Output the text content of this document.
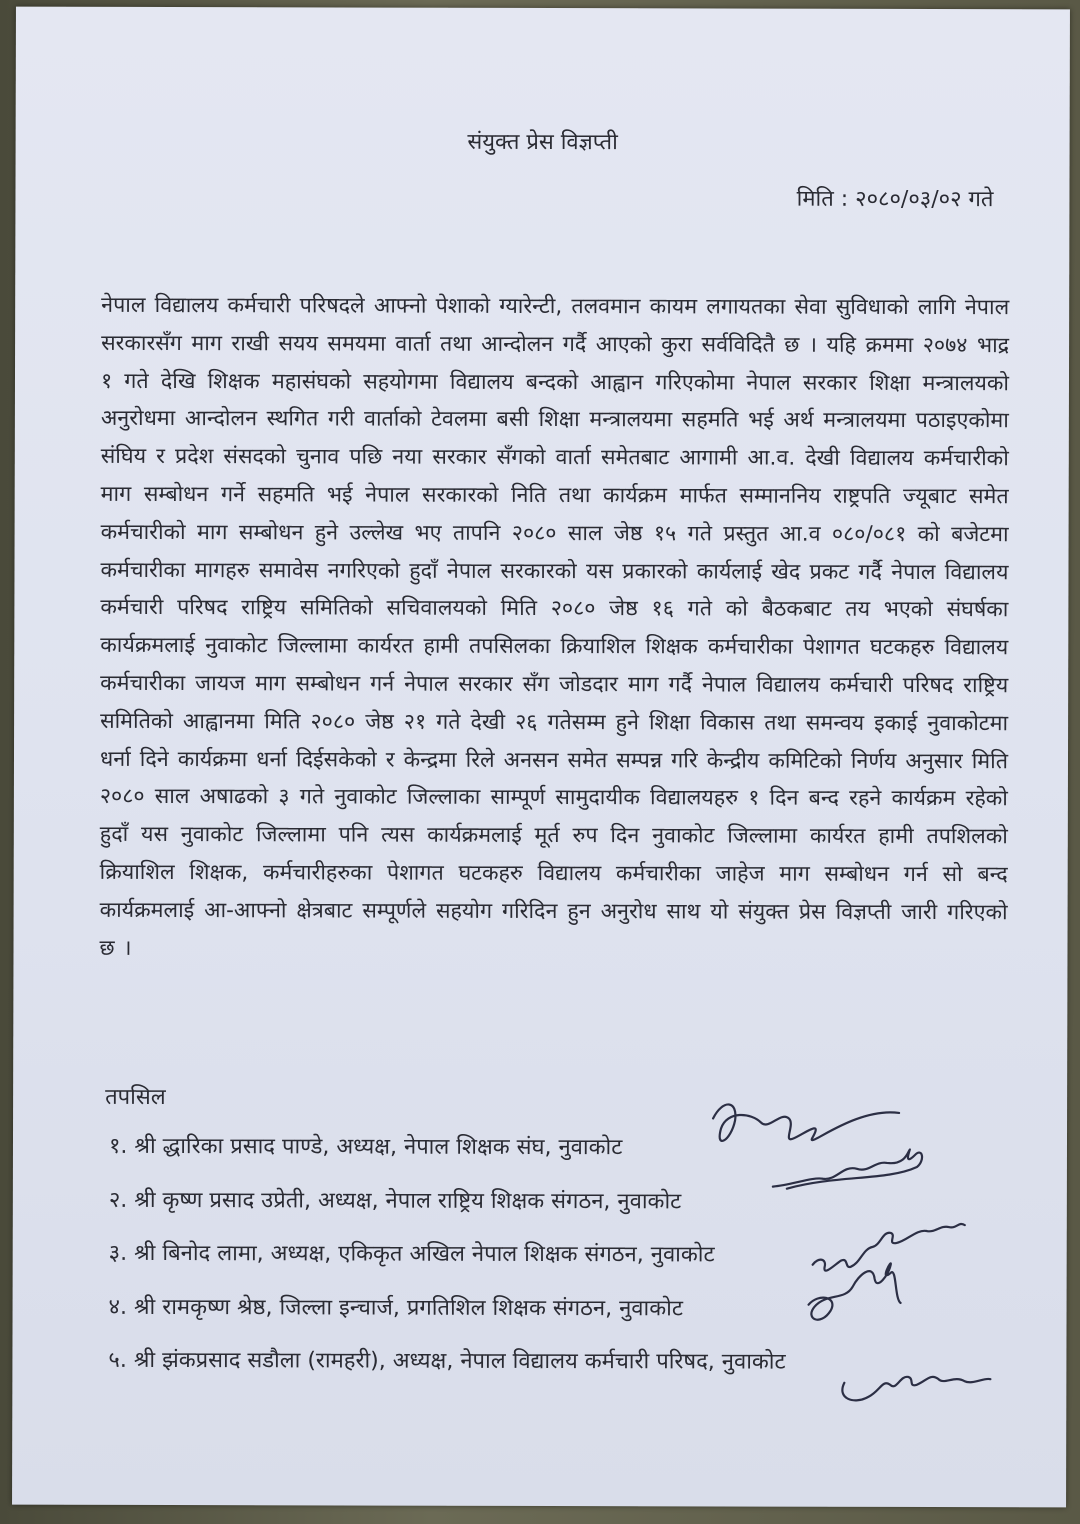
संयुक्त प्रेस विज्ञप्ती
मिति : २०८०/०३/०२ गते
नेपाल विद्यालय कर्मचारी परिषदले आफ्नो पेशाको ग्यारेन्टी, तलवमान कायम लगायतका सेवा सुविधाको लागि नेपाल सरकारसँग माग राखी सयय समयमा वार्ता तथा आन्दोलन गर्दै आएको कुरा सर्वविदितै छ । यहि क्रममा २०७४ भाद्र १ गते देखि शिक्षक महासंघको सहयोगमा विद्यालय बन्दको आह्वान गरिएकोमा नेपाल सरकार शिक्षा मन्त्रालयको अनुरोधमा आन्दोलन स्थगित गरी वार्ताको टेवलमा बसी शिक्षा मन्त्रालयमा सहमति भई अर्थ मन्त्रालयमा पठाइएकोमा संघिय र प्रदेश संसदको चुनाव पछि नया सरकार सँगको वार्ता समेतबाट आगामी आ.व. देखी विद्यालय कर्मचारीको माग सम्बोधन गर्ने सहमति भई नेपाल सरकारको निति तथा कार्यक्रम मार्फत सम्माननिय राष्ट्रपति ज्यूबाट समेत कर्मचारीको माग सम्बोधन हुने उल्लेख भए तापनि २०८० साल जेष्ठ १५ गते प्रस्तुत आ.व ०८०/०८१ को बजेटमा कर्मचारीका मागहरु समावेस नगरिएको हुदाँ नेपाल सरकारको यस प्रकारको कार्यलाई खेद प्रकट गर्दै नेपाल विद्यालय कर्मचारी परिषद राष्ट्रिय समितिको सचिवालयको मिति २०८० जेष्ठ १६ गते को बैठकबाट तय भएको संघर्षका कार्यक्रमलाई नुवाकोट जिल्लामा कार्यरत हामी तपसिलका क्रियाशिल शिक्षक कर्मचारीका पेशागत घटकहरु विद्यालय कर्मचारीका जायज माग सम्बोधन गर्न नेपाल सरकार सँग जोडदार माग गर्दै नेपाल विद्यालय कर्मचारी परिषद राष्ट्रिय समितिको आह्वानमा मिति २०८० जेष्ठ २१ गते देखी २६ गतेसम्म हुने शिक्षा विकास तथा समन्वय इकाई नुवाकोटमा धर्ना दिने कार्यक्रमा धर्ना दिईसकेको र केन्द्रमा रिले अनसन समेत सम्पन्न गरि केन्द्रीय कमिटिको निर्णय अनुसार मिति २०८० साल अषाढको ३ गते नुवाकोट जिल्लाका साम्पूर्ण सामुदायीक विद्यालयहरु १ दिन बन्द रहने कार्यक्रम रहेको हुदाँ यस नुवाकोट जिल्लामा पनि त्यस कार्यक्रमलाई मूर्त रुप दिन नुवाकोट जिल्लामा कार्यरत हामी तपशिलको क्रियाशिल शिक्षक, कर्मचारीहरुका पेशागत घटकहरु विद्यालय कर्मचारीका जाहेज माग सम्बोधन गर्न सो बन्द कार्यक्रमलाई आ-आफ्नो क्षेत्रबाट सम्पूर्णले सहयोग गरिदिन हुन अनुरोध साथ यो संयुक्त प्रेस विज्ञप्ती जारी गरिएको छ ।
तपसिल
१. श्री द्धारिका प्रसाद पाण्डे, अध्यक्ष, नेपाल शिक्षक संघ, नुवाकोट
२. श्री कृष्ण प्रसाद उप्रेती, अध्यक्ष, नेपाल राष्ट्रिय शिक्षक संगठन, नुवाकोट
३. श्री बिनोद लामा, अध्यक्ष, एकिकृत अखिल नेपाल शिक्षक संगठन, नुवाकोट
४. श्री रामकृष्ण श्रेष्ठ, जिल्ला इन्चार्ज, प्रगतिशिल शिक्षक संगठन, नुवाकोट
५. श्री झंकप्रसाद सडौला (रामहरी), अध्यक्ष, नेपाल विद्यालय कर्मचारी परिषद, नुवाकोट
